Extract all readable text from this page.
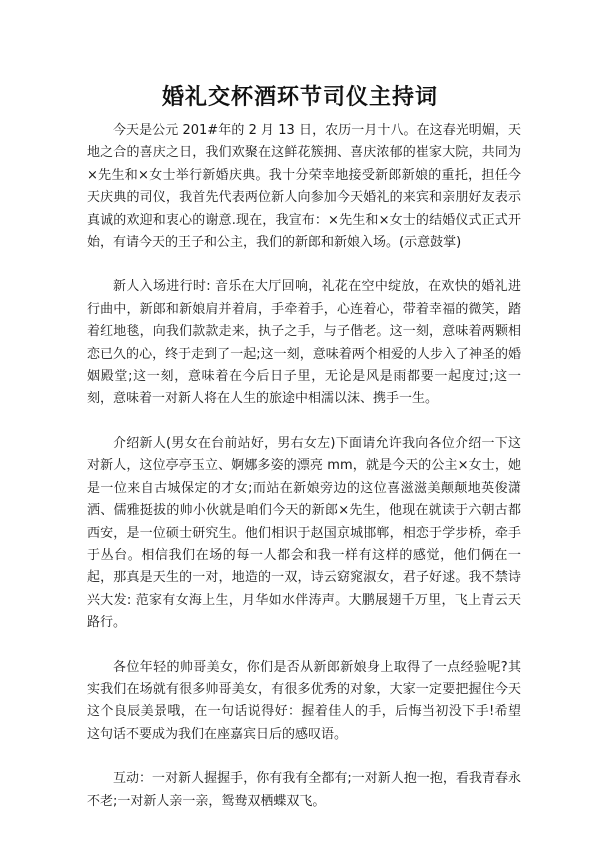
婚礼交杯酒环节司仪主持词

今天是公元 201#年的 2 月 13 日，农历一月十八。在这春光明媚，天地之合的喜庆之日，我们欢聚在这鲜花簇拥、喜庆浓郁的崔家大院，共同为×先生和×女士举行新婚庆典。我十分荣幸地接受新郎新娘的重托，担任今天庆典的司仪，我首先代表两位新人向参加今天婚礼的来宾和亲朋好友表示真诚的欢迎和衷心的谢意.现在，我宣布：×先生和×女士的结婚仪式正式开始，有请今天的王子和公主，我们的新郎和新娘入场。(示意鼓掌)

新人入场进行时: 音乐在大厅回响，礼花在空中绽放，在欢快的婚礼进行曲中，新郎和新娘肩并着肩，手牵着手，心连着心，带着幸福的微笑，踏着红地毯，向我们款款走来，执子之手，与子偕老。这一刻，意味着两颗相恋已久的心，终于走到了一起;这一刻，意味着两个相爱的人步入了神圣的婚姻殿堂;这一刻，意味着在今后日子里，无论是风是雨都要一起度过;这一刻，意味着一对新人将在人生的旅途中相濡以沫、携手一生。

介绍新人(男女在台前站好，男右女左)下面请允许我向各位介绍一下这对新人，这位亭亭玉立、婀娜多姿的漂亮 mm，就是今天的公主×女士，她是一位来自古城保定的才女;而站在新娘旁边的这位喜滋滋美颠颠地英俊潇洒、儒雅挺拔的帅小伙就是咱们今天的新郎×先生，他现在就读于六朝古都西安，是一位硕士研究生。他们相识于赵国京城邯郸，相恋于学步桥，牵手于丛台。相信我们在场的每一人都会和我一样有这样的感觉，他们俩在一起，那真是天生的一对，地造的一双，诗云窈窕淑女，君子好逑。我不禁诗兴大发: 范家有女海上生，月华如水伴涛声。大鹏展翅千万里，飞上青云天路行。

各位年轻的帅哥美女，你们是否从新郎新娘身上取得了一点经验呢?其实我们在场就有很多帅哥美女，有很多优秀的对象，大家一定要把握住今天这个良辰美景哦，在一句话说得好：握着佳人的手，后悔当初没下手!希望这句话不要成为我们在座嘉宾日后的感叹语。

互动：一对新人握握手，你有我有全都有;一对新人抱一抱，看我青春永不老;一对新人亲一亲，鸳鸯双栖蝶双飞。
